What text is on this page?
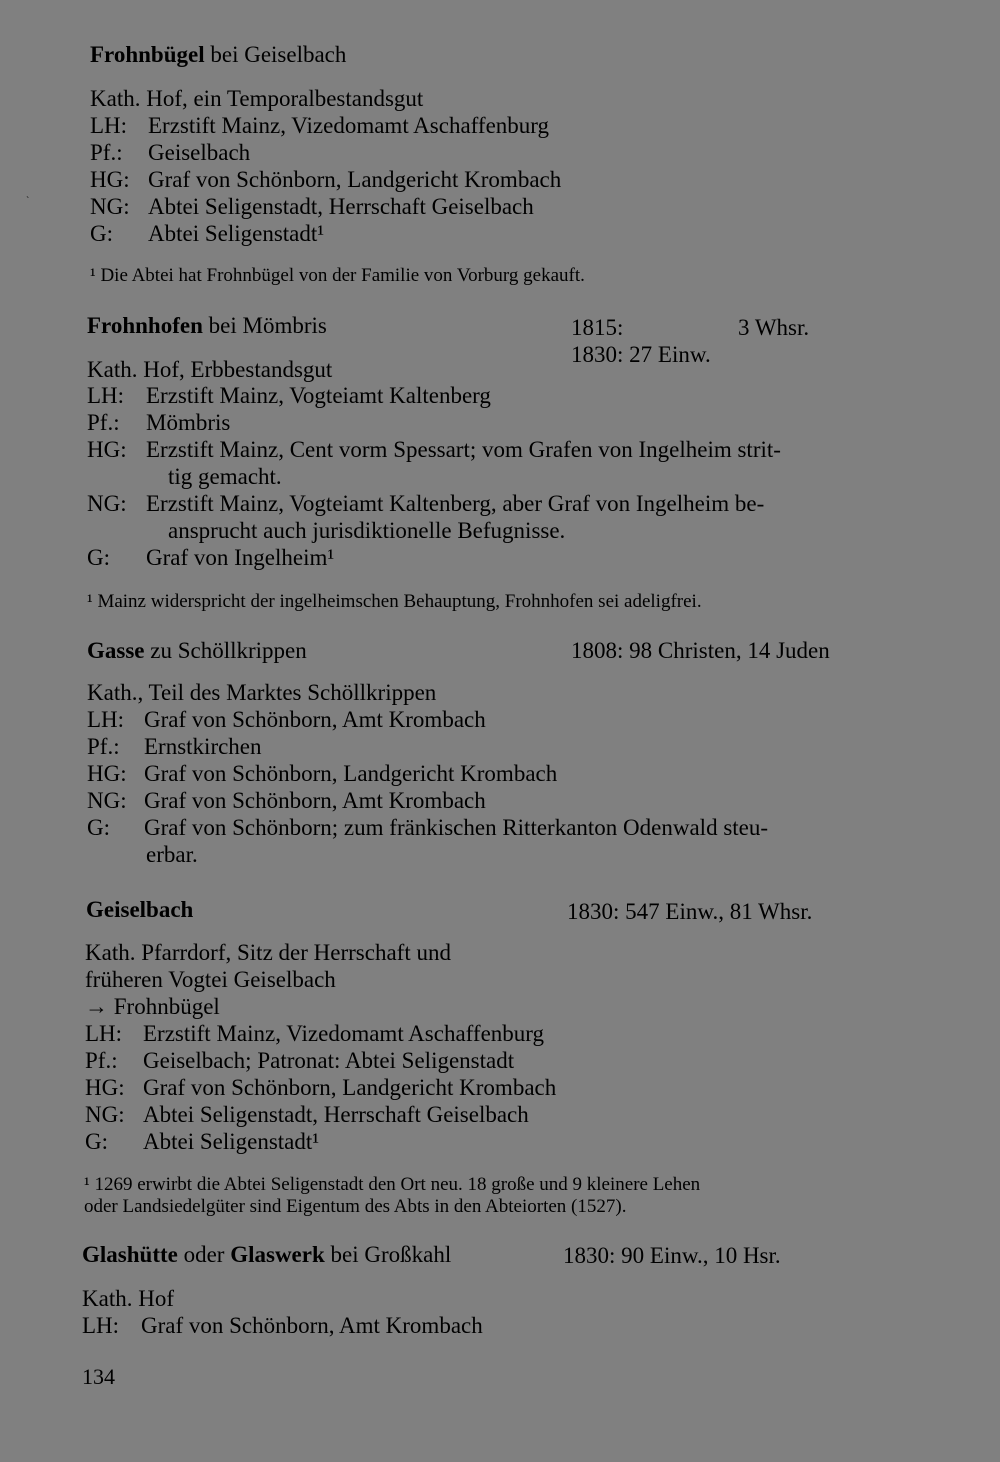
`
Frohnbügel bei Geiselbach
Kath. Hof, ein Temporalbestandsgut
LH: Erzstift Mainz, Vizedomamt Aschaffenburg
Pf.: Geiselbach
HG: Graf von Schönborn, Landgericht Krombach
NG: Abtei Seligenstadt, Herrschaft Geiselbach
G: Abtei Seligenstadt¹
¹ Die Abtei hat Frohnbügel von der Familie von Vorburg gekauft.
Frohnhofen bei Mömbris	1815:	3 Whsr.
1830: 27 Einw.
Kath. Hof, Erbbestandsgut
LH: Erzstift Mainz, Vogteiamt Kaltenberg
Pf.: Mömbris
HG: Erzstift Mainz, Cent vorm Spessart; vom Grafen von Ingelheim strit-
tig gemacht.
NG: Erzstift Mainz, Vogteiamt Kaltenberg, aber Graf von Ingelheim be-
ansprucht auch jurisdiktionelle Befugnisse.
G: Graf von Ingelheim¹
¹ Mainz widerspricht der ingelheimschen Behauptung, Frohnhofen sei adeligfrei.
Gasse zu Schöllkrippen	1808: 98 Christen, 14 Juden
Kath., Teil des Marktes Schöllkrippen
LH: Graf von Schönborn, Amt Krombach
Pf.: Ernstkirchen
HG: Graf von Schönborn, Landgericht Krombach
NG: Graf von Schönborn, Amt Krombach
G: Graf von Schönborn; zum fränkischen Ritterkanton Odenwald steu-
erbar.
Geiselbach	1830: 547 Einw., 81 Whsr.
Kath. Pfarrdorf, Sitz der Herrschaft und
früheren Vogtei Geiselbach
→ Frohnbügel
LH: Erzstift Mainz, Vizedomamt Aschaffenburg
Pf.: Geiselbach; Patronat: Abtei Seligenstadt
HG: Graf von Schönborn, Landgericht Krombach
NG: Abtei Seligenstadt, Herrschaft Geiselbach
G: Abtei Seligenstadt¹
¹ 1269 erwirbt die Abtei Seligenstadt den Ort neu. 18 große und 9 kleinere Lehen
oder Landsiedelgüter sind Eigentum des Abts in den Abteiorten (1527).
Glashütte oder Glaswerk bei Großkahl	1830: 90 Einw., 10 Hsr.
Kath. Hof
LH: Graf von Schönborn, Amt Krombach
134
